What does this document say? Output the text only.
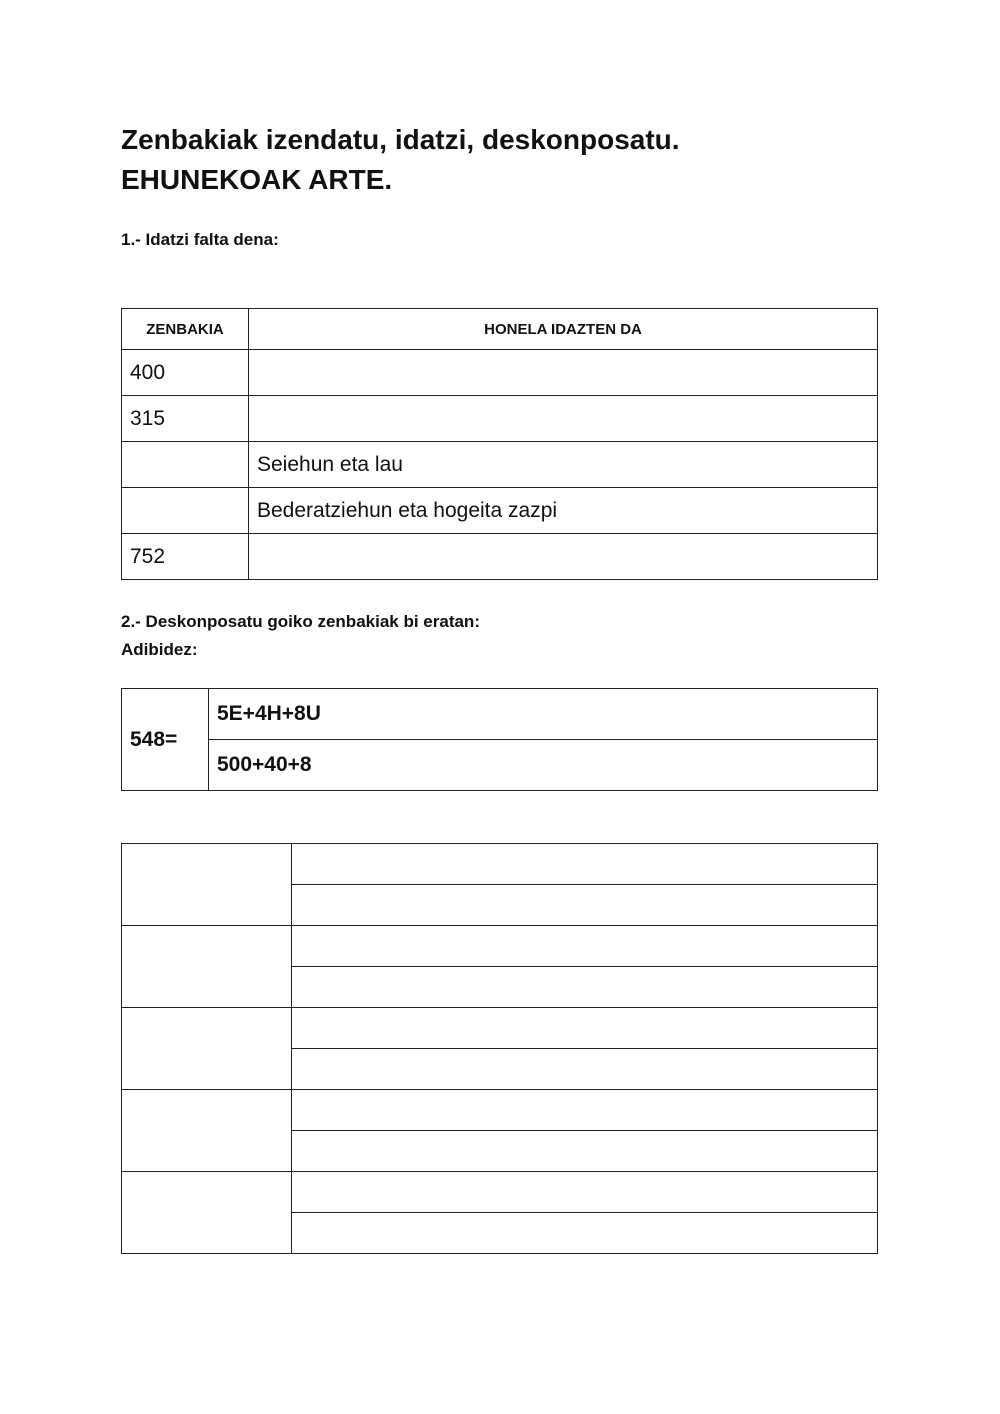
Zenbakiak izendatu, idatzi, deskonposatu.
EHUNEKOAK ARTE.

1.- Idatzi falta dena:

ZENBAKIA	HONELA IDAZTEN DA
400	
315	
	Seiehun eta lau
	Bederatziehun eta hogeita zazpi
752	
2.- Deskonposatu goiko zenbakiak bi eratan:
Adibidez:
548=	5E+4H+8U
500+40+8
